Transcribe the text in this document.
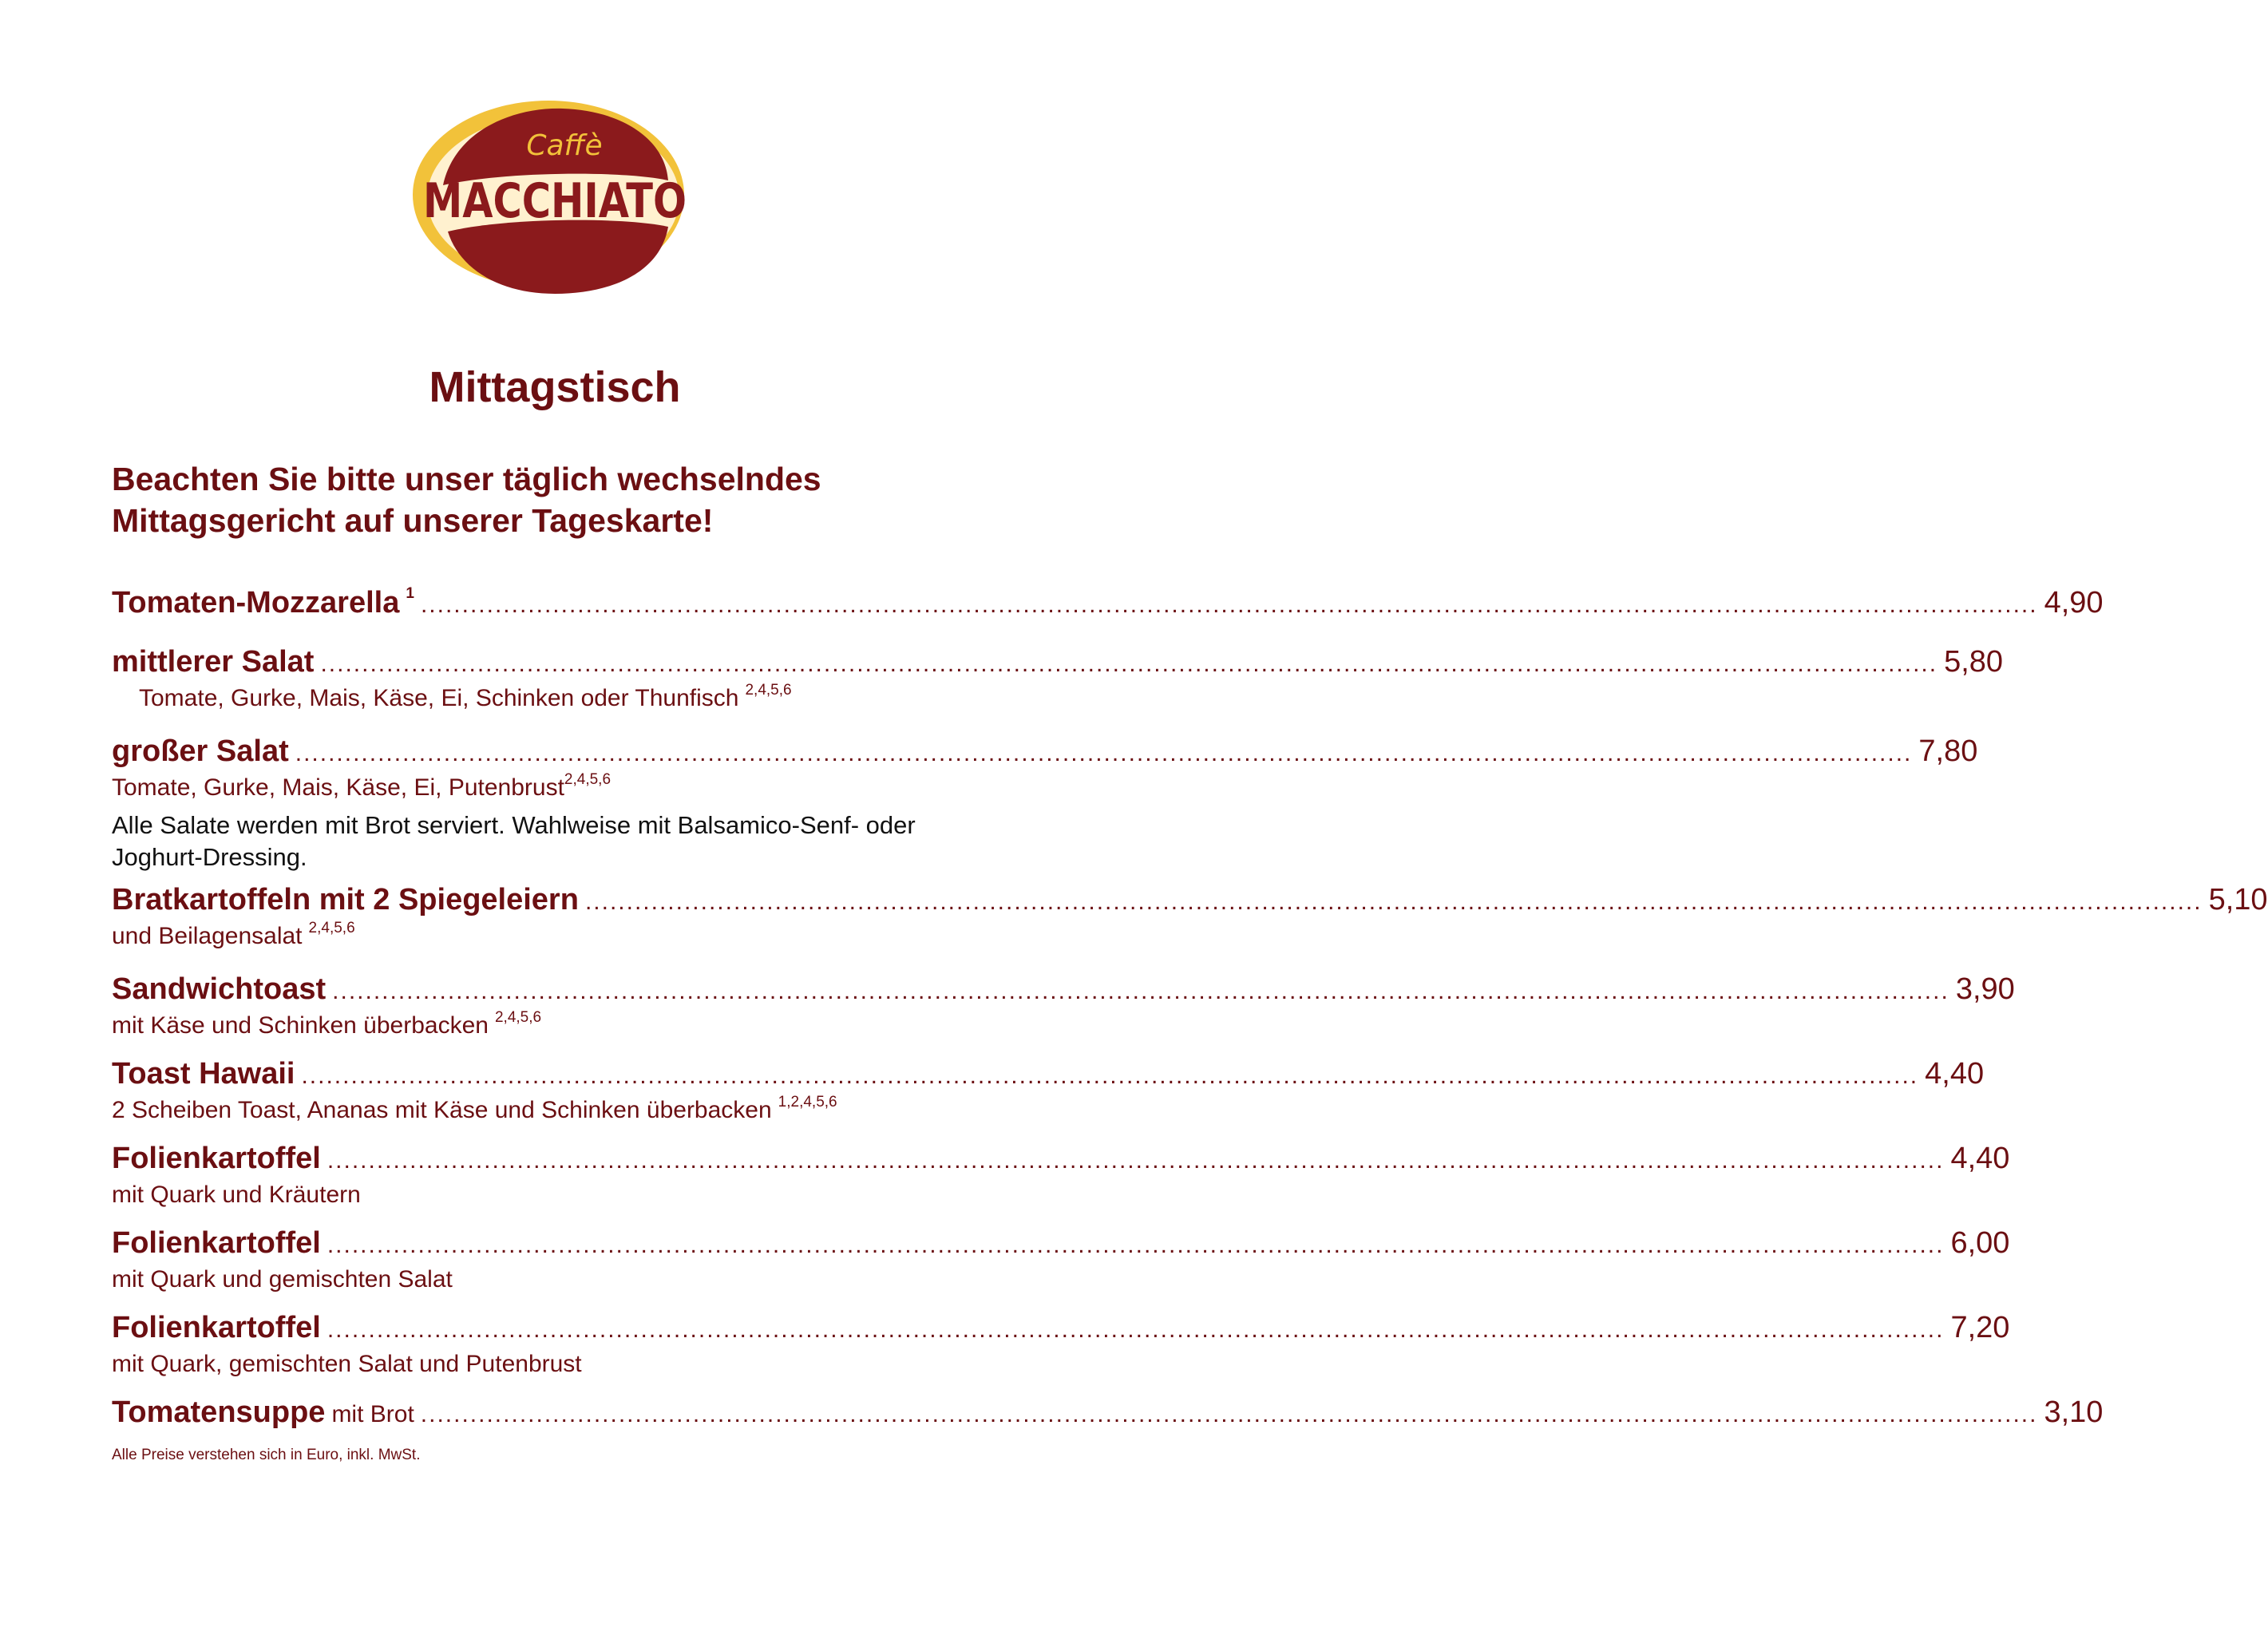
Caffè
MACCHIATO
Mittagstisch
Beachten Sie bitte unser täglich wechselndes
Mittagsgericht auf unserer Tageskarte!
Tomaten-Mozzarella $^1$ .....	4,90
mittlerer Salat .....	5,80
Tomate, Gurke, Mais, Käse, Ei, Schinken oder Thunfisch $^{2,4,5,6}$
großer Salat .....	7,80
Tomate, Gurke, Mais, Käse, Ei, Putenbrust$^{2,4,5,6}$
Alle Salate werden mit Brot serviert. Wahlweise mit Balsamico-Senf- oder Joghurt-Dressing.
Bratkartoffeln mit 2 Spiegeleiern .....	5,10
und Beilagensalat $^{2,4,5,6}$
Sandwichtoast .....	3,90
mit Käse und Schinken überbacken $^{2,4,5,6}$
Toast Hawaii .....	4,40
2 Scheiben Toast, Ananas mit Käse und Schinken überbacken $^{1,2,4,5,6}$
Folienkartoffel .....	4,40
mit Quark und Kräutern
Folienkartoffel .....	6,00
mit Quark und gemischten Salat
Folienkartoffel .....	7,20
mit Quark, gemischten Salat und Putenbrust
Tomatensuppe mit Brot .....	3,10
Alle Preise verstehen sich in Euro, inkl. MwSt.
